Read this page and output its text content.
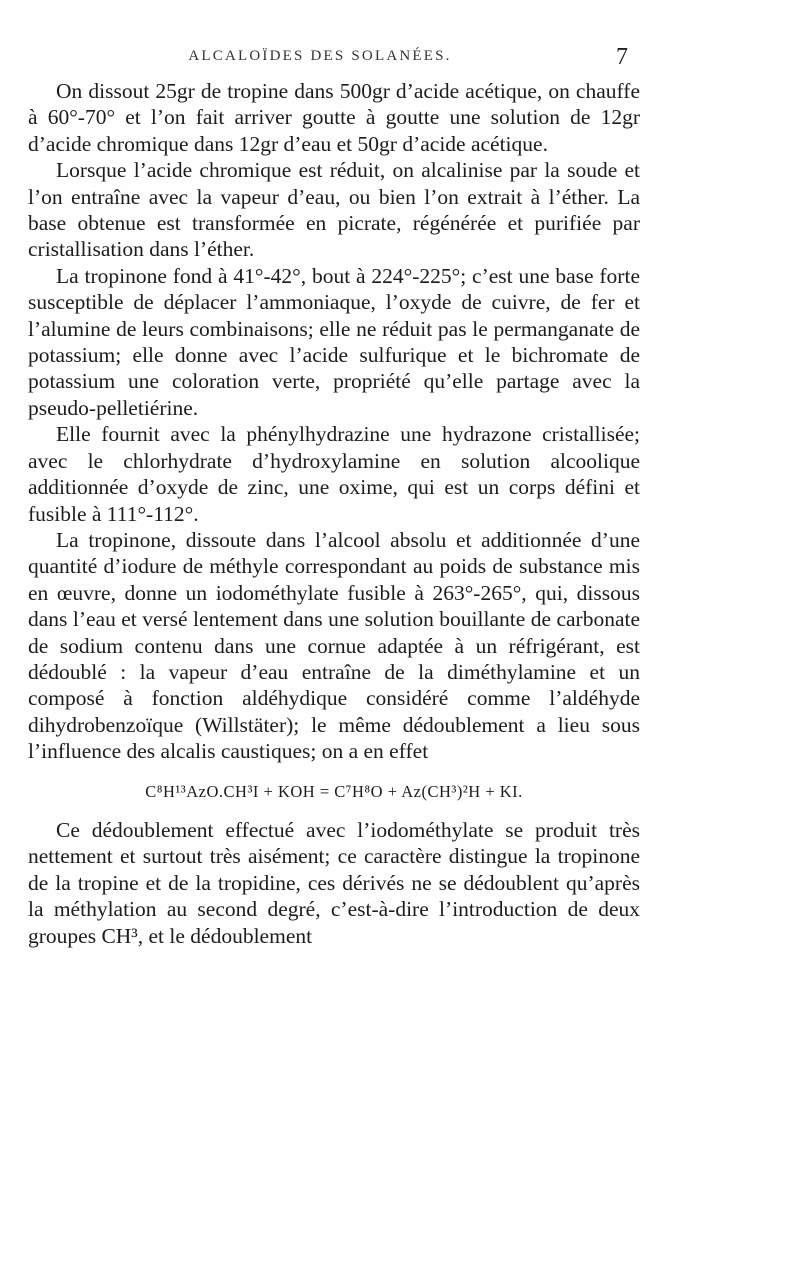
ALCALOÏDES DES SOLANÉES.	7

On dissout 25gr de tropine dans 500gr d’acide acétique, on chauffe à 60°-70° et l’on fait arriver goutte à goutte une solution de 12gr d’acide chromique dans 12gr d’eau et 50gr d’acide acétique.

Lorsque l’acide chromique est réduit, on alcalinise par la soude et l’on entraîne avec la vapeur d’eau, ou bien l’on extrait à l’éther. La base obtenue est transformée en picrate, régénérée et purifiée par cristallisation dans l’éther.

La tropinone fond à 41°-42°, bout à 224°-225°; c’est une base forte susceptible de déplacer l’ammoniaque, l’oxyde de cuivre, de fer et l’alumine de leurs combinaisons; elle ne réduit pas le permanganate de potassium; elle donne avec l’acide sulfurique et le bichromate de potassium une coloration verte, propriété qu’elle partage avec la pseudo-pelletiérine.

Elle fournit avec la phénylhydrazine une hydrazone cristallisée; avec le chlorhydrate d’hydroxylamine en solution alcoolique additionnée d’oxyde de zinc, une oxime, qui est un corps défini et fusible à 111°-112°.

La tropinone, dissoute dans l’alcool absolu et additionnée d’une quantité d’iodure de méthyle correspondant au poids de substance mis en œuvre, donne un iodométhylate fusible à 263°-265°, qui, dissous dans l’eau et versé lentement dans une solution bouillante de carbonate de sodium contenu dans une cornue adaptée à un réfrigérant, est dédoublé : la vapeur d’eau entraîne de la diméthylamine et un composé à fonction aldéhydique considéré comme l’aldéhyde dihydrobenzoïque (Willstäter); le même dédoublement a lieu sous l’influence des alcalis caustiques; on a en effet

C⁸H¹³AzO.CH³I + KOH = C⁷H⁸O + Az(CH³)²H + KI.

Ce dédoublement effectué avec l’iodométhylate se produit très nettement et surtout très aisément; ce caractère distingue la tropinone de la tropine et de la tropidine, ces dérivés ne se dédoublent qu’après la méthylation au second degré, c’est-à-dire l’introduction de deux groupes CH³, et le dédoublement
